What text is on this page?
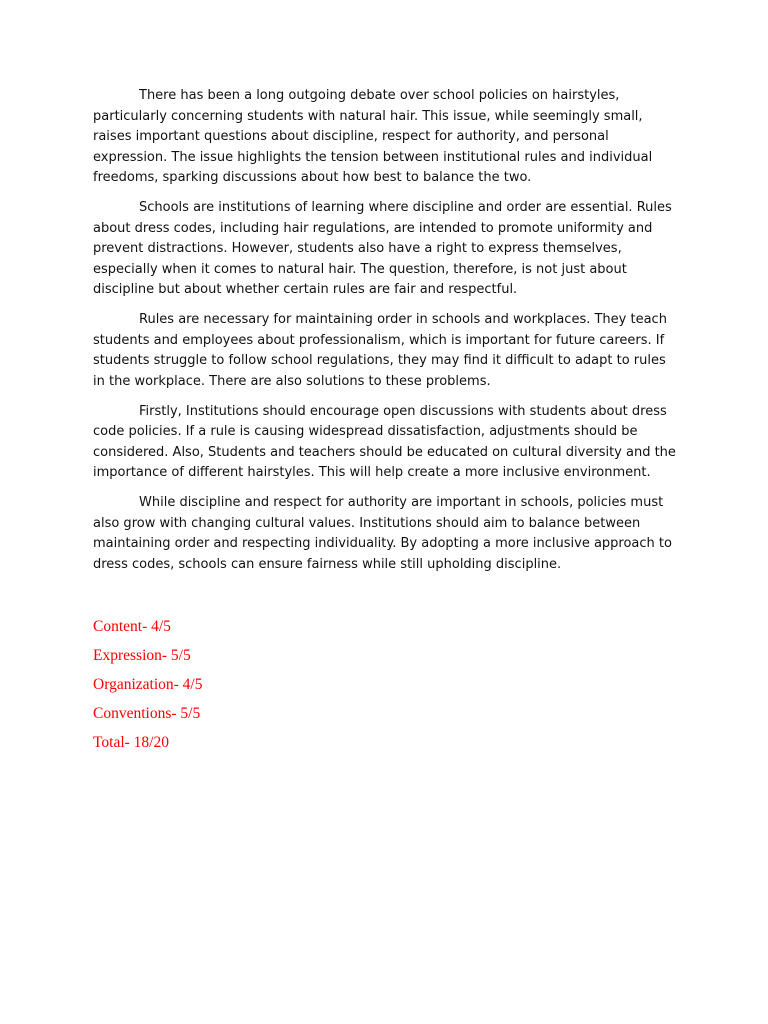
There has been a long outgoing debate over school policies on hairstyles, particularly concerning students with natural hair. This issue, while seemingly small, raises important questions about discipline, respect for authority, and personal expression. The issue highlights the tension between institutional rules and individual freedoms, sparking discussions about how best to balance the two.

Schools are institutions of learning where discipline and order are essential. Rules about dress codes, including hair regulations, are intended to promote uniformity and prevent distractions. However, students also have a right to express themselves, especially when it comes to natural hair. The question, therefore, is not just about discipline but about whether certain rules are fair and respectful.

Rules are necessary for maintaining order in schools and workplaces. They teach students and employees about professionalism, which is important for future careers. If students struggle to follow school regulations, they may find it difficult to adapt to rules in the workplace. There are also solutions to these problems.

Firstly, Institutions should encourage open discussions with students about dress code policies. If a rule is causing widespread dissatisfaction, adjustments should be considered. Also, Students and teachers should be educated on cultural diversity and the importance of different hairstyles. This will help create a more inclusive environment.

While discipline and respect for authority are important in schools, policies must also grow with changing cultural values. Institutions should aim to balance between maintaining order and respecting individuality. By adopting a more inclusive approach to dress codes, schools can ensure fairness while still upholding discipline.

Content- 4/5

Expression- 5/5

Organization- 4/5

Conventions- 5/5

Total- 18/20
